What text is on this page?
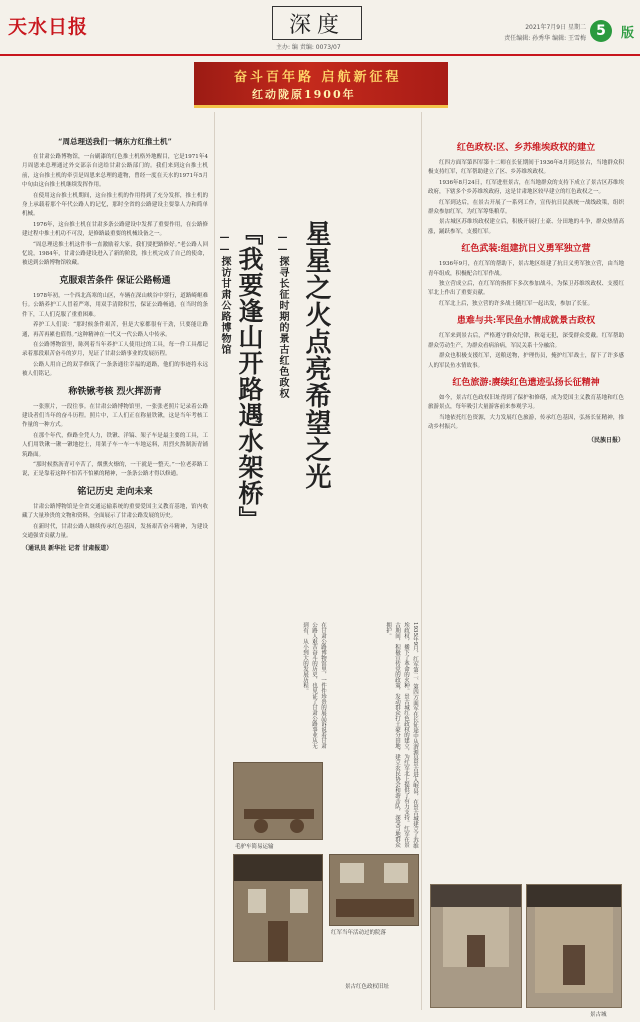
天水日报	深度
主办: 编 责编: 0073/07
2021年7月9日 星期二
责任编辑: 孙秀华 编辑: 王雪梅 5	版
奋斗百年路 启航新征程
红动陇原1900年
“周总理送我们一辆东方红推土机”

在甘肃公路博物馆，一台刷漆的红色推土机格外地醒目，它是1971年4月周恩来总理通过外交部亲自送给甘肃公路部门的。我们来到这台推土机前，这台推土机的牵引是周恩来总理的遗物，曾经一度在天水的1971年5月中旬由这台推土机继续发挥作用。

在使用这台推土机期间，这台推土机的作用得到了充分发挥，推土机的身上承载着那个年代公路人的记忆，那时全省的公路建设主要靠人力和简单机械。

1976年，这台推土机在甘肃多条公路建设中发挥了重要作用，在公路修建过程中推土机功不可没，是修路最重要的机械设备之一。

“周总理送推土机这件事一直激励着大家，我们要把路修好。”老公路人回忆说，1984年，甘肃公路建设进入了新的阶段，推土机完成了自己的使命，被送到公路博物馆收藏。

克服艰苦条件 保证公路畅通

1978年初，一个西北高寒的山区，车辆在深山峡谷中穿行，道路崎岖难行。公路养护工人冒着严寒，用双手清除积雪，保证公路畅通，在当时的条件下，工人们克服了重重困难。

养护工人们说：“那时候条件艰苦，但是大家都很有干劲，只要能让路通，再苦再累也值得。”这种精神在一代又一代公路人中传承。

在公路博物馆里，陈列着当年养护工人使用过的工具，每一件工具都记录着那段艰苦奋斗的岁月，见证了甘肃公路事业的发展历程。

公路人用自己的双手修筑了一条条通往幸福的道路，他们的事迹将永远被人们铭记。

称铁锹考核 烈火挥沥青

一张照片，一段往事。在甘肃公路博物馆里，一张张老照片记录着公路建设者们当年的奋斗历程。照片中，工人们正在称量铁锹，这是当年考核工作量的一种方式。

在那个年代，修路全凭人力，铁锹、洋镐、架子车是最主要的工具，工人们用铁锹一锹一锹地挖土，用架子车一车一车地运料，用烈火熬制沥青铺筑路面。

“那时候熬沥青可辛苦了，烟熏火燎的，一干就是一整天。”一位老养路工说，正是靠着这种不怕苦不怕累的精神，一条条公路才得以修通。

铭记历史 走向未来

甘肃公路博物馆是全省交通运输系统的重要爱国主义教育基地，馆内收藏了大量珍贵的文物和资料，全面展示了甘肃公路发展的历史。

在新时代，甘肃公路人继续传承红色基因，发扬艰苦奋斗精神，为建设交通强省贡献力量。

（通讯员 新华社 记者 甘肃报道）
星星之火点亮希望之光
——探寻长征时期的景古红色政权
『我要逢山开路遇水架桥』
——探访甘肃公路博物馆
1935年9月，红军第二、第四方面军在长征途中从渭源县景古进入岷县，在景古城建立了苏维埃政权，播下了革命的火种。景古城红色政权的建立，为红军北上提供了有力支持。红军在景古期间，积极宣传党的政策，发动群众打土豪分田地，建立农民协会和游击队，深受当地群众拥护。
在甘肃公路博物馆里，一件件珍贵的展品诉说着甘肃公路人艰苦奋斗的历史，也见证了甘肃公路事业从无到有、从小到大的发展历程。
红军当年活动过的院落
毛驴车简易运输
景古红色政权旧址
红色政权:区、乡苏维埃政权的建立

红四方面军第四军第十二师在长征期间于1936年8月到达景古，当地群众积极支持红军，红军帮助建立了区、乡苏维埃政权。

1936年8月24日，红军进驻景古，在当地群众的支持下成立了景古区苏维埃政府，下辖多个乡苏维埃政府，这是甘肃地区较早建立的红色政权之一。

红军到达后，在景古开展了一系列工作，宣传抗日民族统一战线政策，组织群众参加红军，为红军筹集粮草。

景古城区苏维埃政权建立后，积极开展打土豪、分田地的斗争，群众热情高涨，踊跃参军，支援红军。

红色武装:组建抗日义勇军独立营

1936年9月，在红军的帮助下，景古地区组建了抗日义勇军独立营，由当地青年组成，积极配合红军作战。

独立营成立后，在红军的指挥下多次参加战斗，为保卫苏维埃政权、支援红军北上作出了重要贡献。

红军北上后，独立营的许多战士随红军一起出发，参加了长征。

患难与共:军民鱼水情成就景古政权

红军来到景古后，严格遵守群众纪律，秋毫无犯，深受群众爱戴。红军帮助群众劳动生产，为群众看病治病，军民关系十分融洽。

群众也积极支援红军，送粮送物，护理伤员，掩护红军战士，留下了许多感人的军民鱼水情故事。

红色旅游:赓续红色遗迹弘扬长征精神

如今，景古红色政权旧址得到了保护和修缮，成为爱国主义教育基地和红色旅游景点，每年吸引大量游客前来参观学习。

当地依托红色资源，大力发展红色旅游，传承红色基因，弘扬长征精神，推动乡村振兴。

（民族日报）
景古城
